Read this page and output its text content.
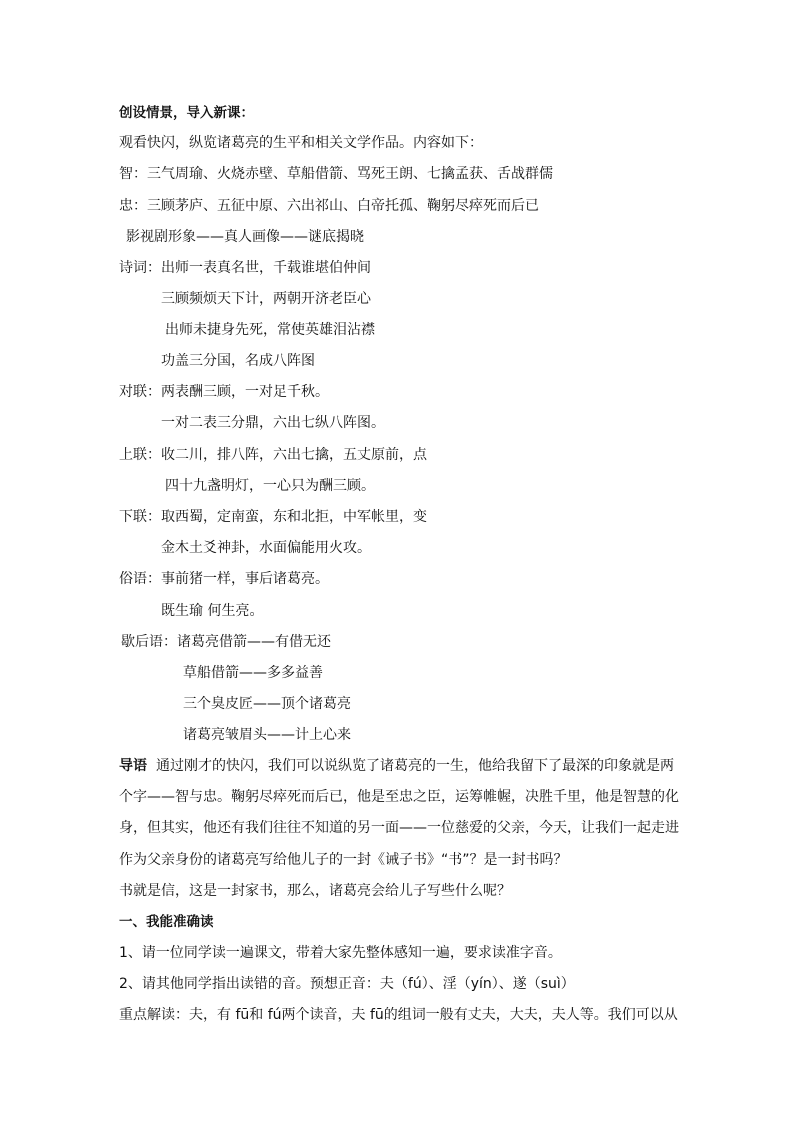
创设情景，导入新课：
观看快闪，纵览诸葛亮的生平和相关文学作品。内容如下：
智：三气周瑜、火烧赤壁、草船借箭、骂死王朗、七擒孟获、舌战群儒
忠：三顾茅庐、五征中原、六出祁山、白帝托孤、鞠躬尽瘁死而后已
影视剧形象——真人画像——谜底揭晓
诗词： 出师一表真名世，千载谁堪伯仲间
三顾频烦天下计，两朝开济老臣心
出师未捷身先死，常使英雄泪沾襟
功盖三分国，名成八阵图
对联： 两表酬三顾，一对足千秋。
一对二表三分鼎，六出七纵八阵图。
上联： 收二川，排八阵，六出七擒，五丈原前，点
四十九盏明灯，一心只为酬三顾。
下联： 取西蜀，定南蛮，东和北拒，中军帐里，变
金木土爻神卦，水面偏能用火攻。
俗语： 事前猪一样，事后诸葛亮。
既生瑜 何生亮。
歇后语： 诸葛亮借箭——有借无还
草船借箭——多多益善
三个臭皮匠——顶个诸葛亮
诸葛亮皱眉头——计上心来
导语 通过刚才的快闪，我们可以说纵览了诸葛亮的一生，他给我留下了最深的印象就是两
个字——智与忠。鞠躬尽瘁死而后已，他是至忠之臣，运筹帷幄，决胜千里，他是智慧的化
身，但其实，他还有我们往往不知道的另一面——一位慈爱的父亲，今天，让我们一起走进
作为父亲身份的诸葛亮写给他儿子的一封《诫子书》“书”？是一封书吗？
书就是信，这是一封家书，那么，诸葛亮会给儿子写些什么呢？
一、我能准确读
1、请一位同学读一遍课文，带着大家先整体感知一遍，要求读准字音。
2、请其他同学指出读错的音。预想正音：夫（fú）、淫（yín）、遂（suì）
重点解读：夫，有 fū和 fú两个读音，夫 fū的组词一般有丈夫，大夫，夫人等。我们可以从
